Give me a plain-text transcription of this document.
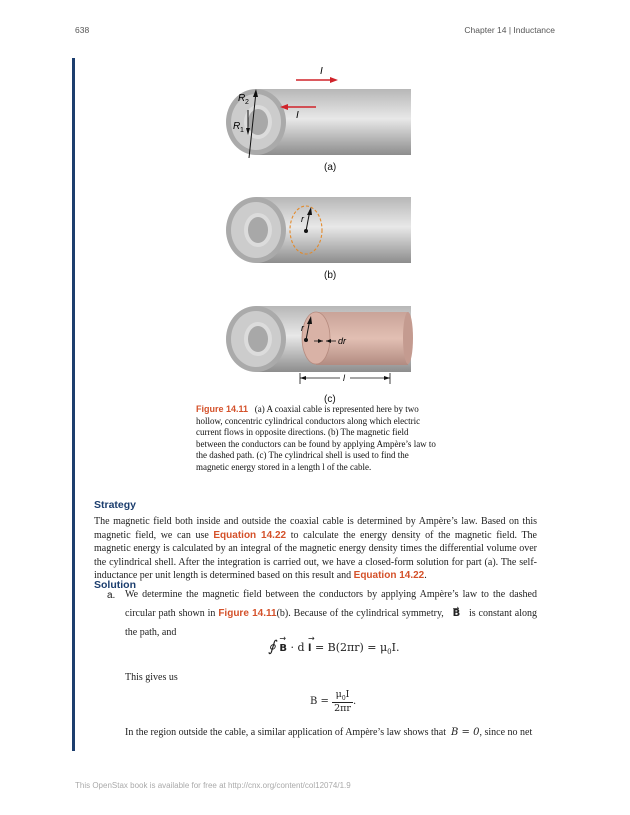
638	Chapter 14 | Inductance
I
I
R 2
R 1
r
r
dr
l
(a)
(b)
(c)
Figure 14.11 (a) A coaxial cable is represented here by two hollow, concentric cylindrical conductors along which electric current flows in opposite directions. (b) The magnetic field between the conductors can be found by applying Ampère’s law to the dashed path. (c) The cylindrical shell is used to find the magnetic energy stored in a length l of the cable.
Strategy
The magnetic field both inside and outside the coaxial cable is determined by Ampère’s law. Based on this magnetic field, we can use Equation 14.22 to calculate the energy density of the magnetic field. The magnetic energy is calculated by an integral of the magnetic energy density times the differential volume over the cylindrical shell. After the integration is carried out, we have a closed-form solution for part (a). The self-inductance per unit length is determined based on this result and Equation 14.22.
Solution
a. We determine the magnetic field between the conductors by applying Ampère’s law to the dashed circular path shown in Figure 14.11(b). Because of the cylindrical symmetry, → B is constant along the path, and
∮ → $B \cdot d \to l = B(2\pi r) = \mu_0I$.
This gives us
$B = \frac{\mu_0I}{2\pi r}$ .
In the region outside the cable, a similar application of Ampère’s law shows that B = 0, since no net
This OpenStax book is available for free at http://cnx.org/content/col12074/1.9
